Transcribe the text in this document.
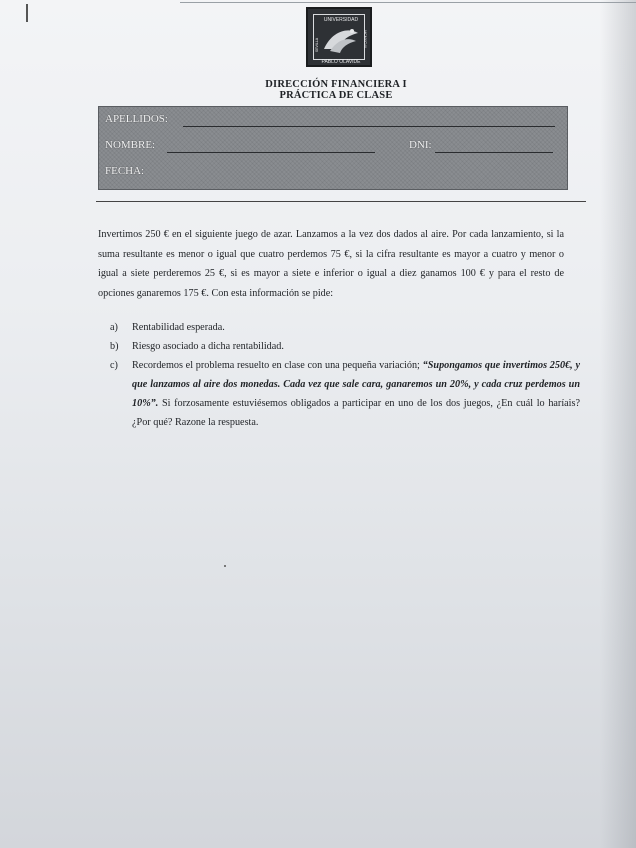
UNIVERSIDAD
PABLO OLAVIDE
SEVILLA	MCMXCVII
DIRECCIÓN FINANCIERA I
PRÁCTICA DE CLASE
APELLIDOS:
NOMBRE:	DNI:
FECHA:
Invertimos 250 € en el siguiente juego de azar. Lanzamos a la vez dos dados al aire. Por cada lanzamiento, si la suma resultante es menor o igual que cuatro perdemos 75 €, si la cifra resultante es mayor a cuatro y menor o igual a siete perderemos 25 €, si es mayor a siete e inferior o igual a diez ganamos 100 € y para el resto de opciones ganaremos 175 €. Con esta información se pide:
a) Rentabilidad esperada.
b) Riesgo asociado a dicha rentabilidad.
c) Recordemos el problema resuelto en clase con una pequeña variación; “Supongamos que invertimos 250€, y que lanzamos al aire dos monedas. Cada vez que sale cara, ganaremos un 20%, y cada cruz perdemos un 10%”. Si forzosamente estuviésemos obligados a participar en uno de los dos juegos, ¿En cuál lo haríais? ¿Por qué? Razone la respuesta.
